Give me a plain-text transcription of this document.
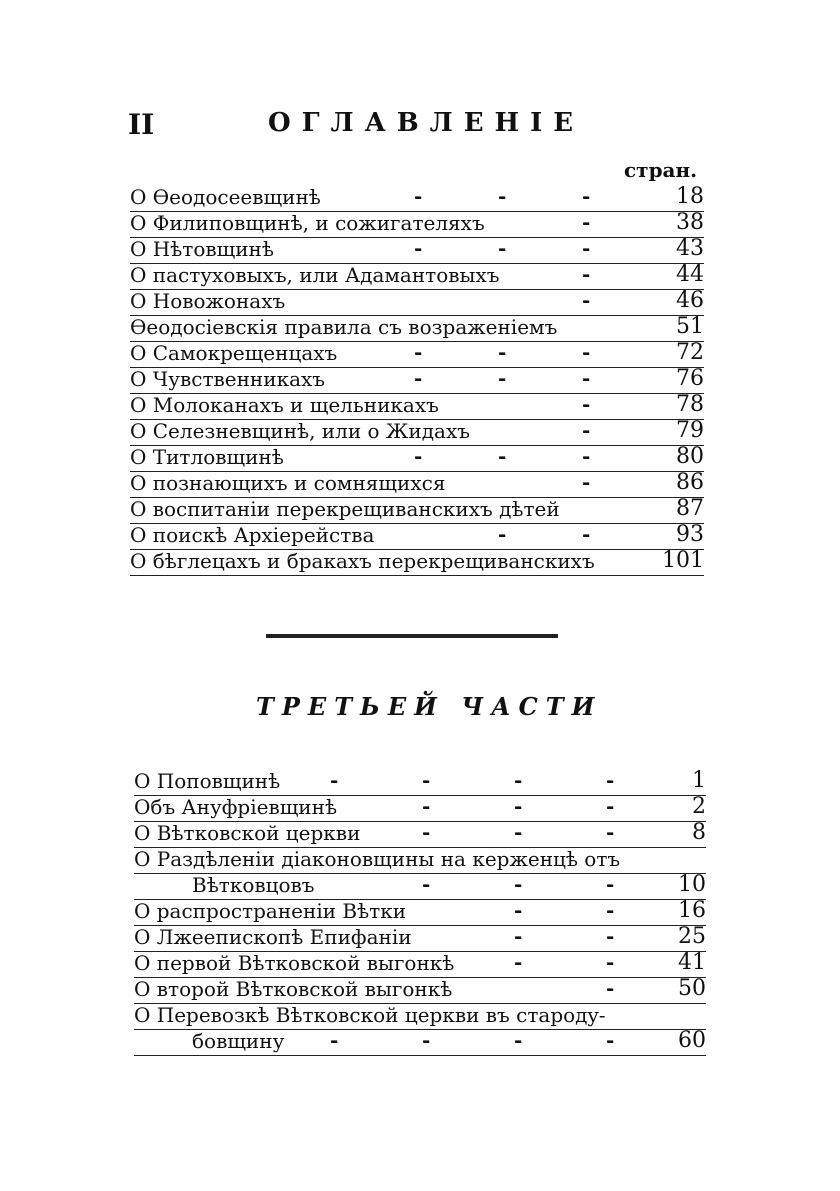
II	ОГЛАВЛЕНІЕ
стран.
О Ѳеодосеевщинѣ	-	-	-	18
О Филиповщинѣ, и сожигателяхъ	-	38
О Нѣтовщинѣ	-	-	-	43
О пастуховыхъ, или Адамантовыхъ	-	44
О Новожонахъ	-	46
Ѳеодосіевскія правила съ возраженіемъ	51
О Самокрещенцахъ	-	-	-	72
О Чувственникахъ	-	-	-	76
О Молоканахъ и щельникахъ	-	78
О Селезневщинѣ, или о Жидахъ	-	79
О Титловщинѣ	-	-	-	80
О познающихъ и сомнящихся	-	86
О воспитаніи перекрещиванскихъ дѣтей	87
О поискѣ Архіерейства	-	-	93
О бѣглецахъ и бракахъ перекрещиванскихъ	101
ТРЕТЬЕЙ ЧАСТИ
О Поповщинѣ -	-	-	-	1
Объ Ануфріевщинѣ	-	-	-	2
О Вѣтковской церкви	-	-	-	8
О Раздѣленіи діаконовщины на керженцѣ отъ
Вѣтковцовъ	-	-	-	10
О распространеніи Вѣтки	-	-	16
О Лжеепископѣ Епифаніи	-	-	25
О первой Вѣтковской выгонкѣ	-	-	41
О второй Вѣтковской выгонкѣ	-	50
О Перевозкѣ Вѣтковской церкви въ стародy-
бовщину -	-	-	-	60
